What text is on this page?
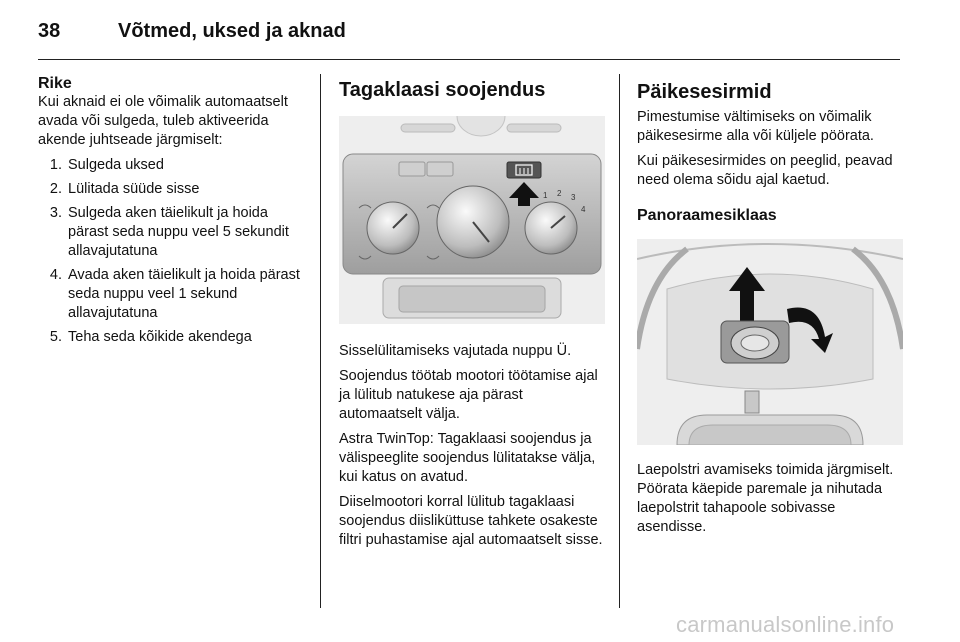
38	Võtmed, uksed ja aknad
Rike

Kui aknaid ei ole võimalik automaatselt avada või sulgeda, tuleb aktiveerida akende juhtseade järgmiselt:

1. Sulgeda uksed
2. Lülitada süüde sisse
3. Sulgeda aken täielikult ja hoida pärast seda nuppu veel 5 sekundit allavajutatuna
4. Avada aken täielikult ja hoida pärast seda nuppu veel 1 sekund allavajutatuna
5. Teha seda kõikide akendega
Tagaklaasi soojendus
1 2 3
4

Sisselülitamiseks vajutada nuppu Ü.

Soojendus töötab mootori töötamise ajal ja lülitub natukese aja pärast automaatselt välja.

Astra TwinTop: Tagaklaasi soojendus ja välispeeglite soojendus lülitatakse välja, kui katus on avatud.

Diiselmootori korral lülitub tagaklaasi soojendus diisliküttuse tahkete osakeste filtri puhastamise ajal automaatselt sisse.

Päikesesirmid

Pimestumise vältimiseks on võimalik päikesesirme alla või küljele pöörata.

Kui päikesesirmides on peeglid, peavad need olema sõidu ajal kaetud.

Panoraamesiklaas

Laepolstri avamiseks toimida järgmiselt. Pöörata käepide paremale ja nihutada laepolstrit tahapoole sobivasse asendisse.

carmanualsonline.info
